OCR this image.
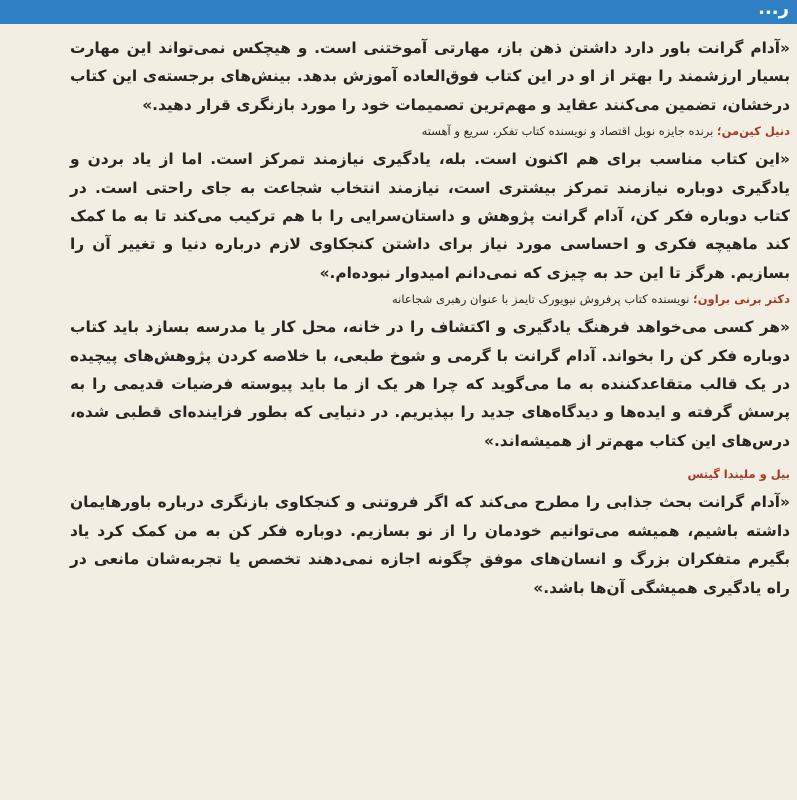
...ر

«آدام گرانت باور دارد داشتن ذهن باز، مهارتی آموختنی است. و هیچکس نمی‌تواند این مهارت بسیار ارزشمند را بهتر از او در این کتاب فوق‌العاده آموزش بدهد. بینش‌های برجسته‌ی این کتاب درخشان، تضمین می‌کنند عقاید و مهم‌ترین تصمیمات خود را مورد بازنگری قرار دهید.»

دنیل کین‌من؛ برنده جایزه نوبل اقتصاد و نویسنده کتاب تفکر، سریع و آهسته

«این کتاب مناسب برای هم اکنون است. بله، یادگیری نیازمند تمرکز است. اما از یاد بردن و یادگیری دوباره نیازمند تمرکز بیشتری است، نیازمند انتخاب شجاعت به جای راحتی است. در کتاب دوباره فکر کن، آدام گرانت پژوهش و داستان‌سرایی را با هم ترکیب می‌کند تا به ما کمک کند ماهیچه فکری و احساسی مورد نیاز برای داشتن کنجکاوی لازم درباره دنیا و تغییر آن را بسازیم. هرگز تا این حد به چیزی که نمی‌دانم امیدوار نبوده‌ام.»

دکتر برنی براون؛ نویسنده کتاب پرفروش نیویورک تایمز با عنوان رهبری شجاعانه

«هر کسی می‌خواهد فرهنگ یادگیری و اکتشاف را در خانه، محل کار یا مدرسه بسازد باید کتاب دوباره فکر کن را بخواند. آدام گرانت با گرمی و شوخ طبعی، با خلاصه کردن پژوهش‌های پیچیده در یک قالب متقاعدکننده به ما می‌گوید که چرا هر یک از ما باید پیوسته فرضیات قدیمی را به پرسش گرفته و ایده‌ها و دیدگاه‌های جدید را بپذیریم. در دنیایی که بطور فزاینده‌ای قطبی شده، درس‌های این کتاب مهم‌تر از همیشه‌اند.»

بیل و ملیندا گیتس

«آدام گرانت بحث جذابی را مطرح می‌کند که اگر فروتنی و کنجکاوی بازنگری درباره باورهایمان داشته باشیم، همیشه می‌توانیم خودمان را از نو بسازیم. دوباره فکر کن به من کمک کرد یاد بگیرم متفکران بزرگ و انسان‌های موفق چگونه اجازه نمی‌دهند تخصص یا تجربه‌شان مانعی در راه یادگیری همیشگی آن‌ها باشد.»
